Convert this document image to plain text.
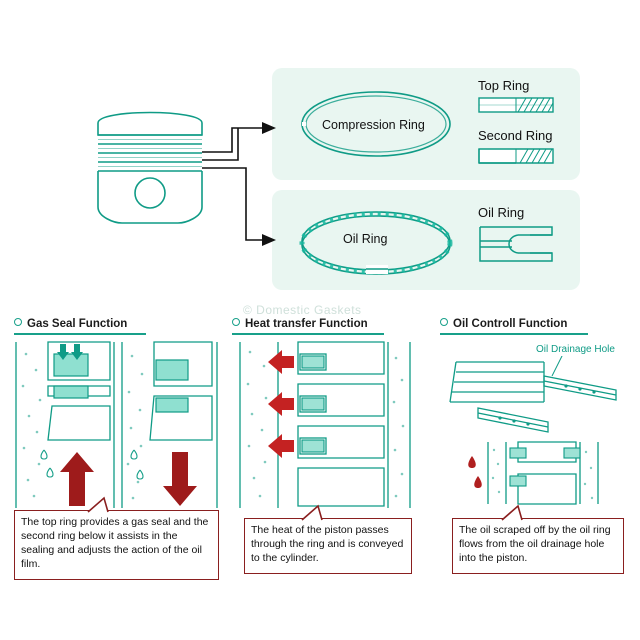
Compression Ring
Oil Ring
Top Ring
Second Ring
Oil Ring
© Domestic Gaskets
Gas Seal Function
The top ring provides a gas seal and the second ring below it assists in the sealing and adjusts the action of the oil film.
Heat transfer Function
The heat of the piston passes through the ring and is conveyed to the cylinder.
Oil Controll Function
Oil Drainage Hole
The oil scraped off by the oil ring flows from the oil drainage hole into the piston.
